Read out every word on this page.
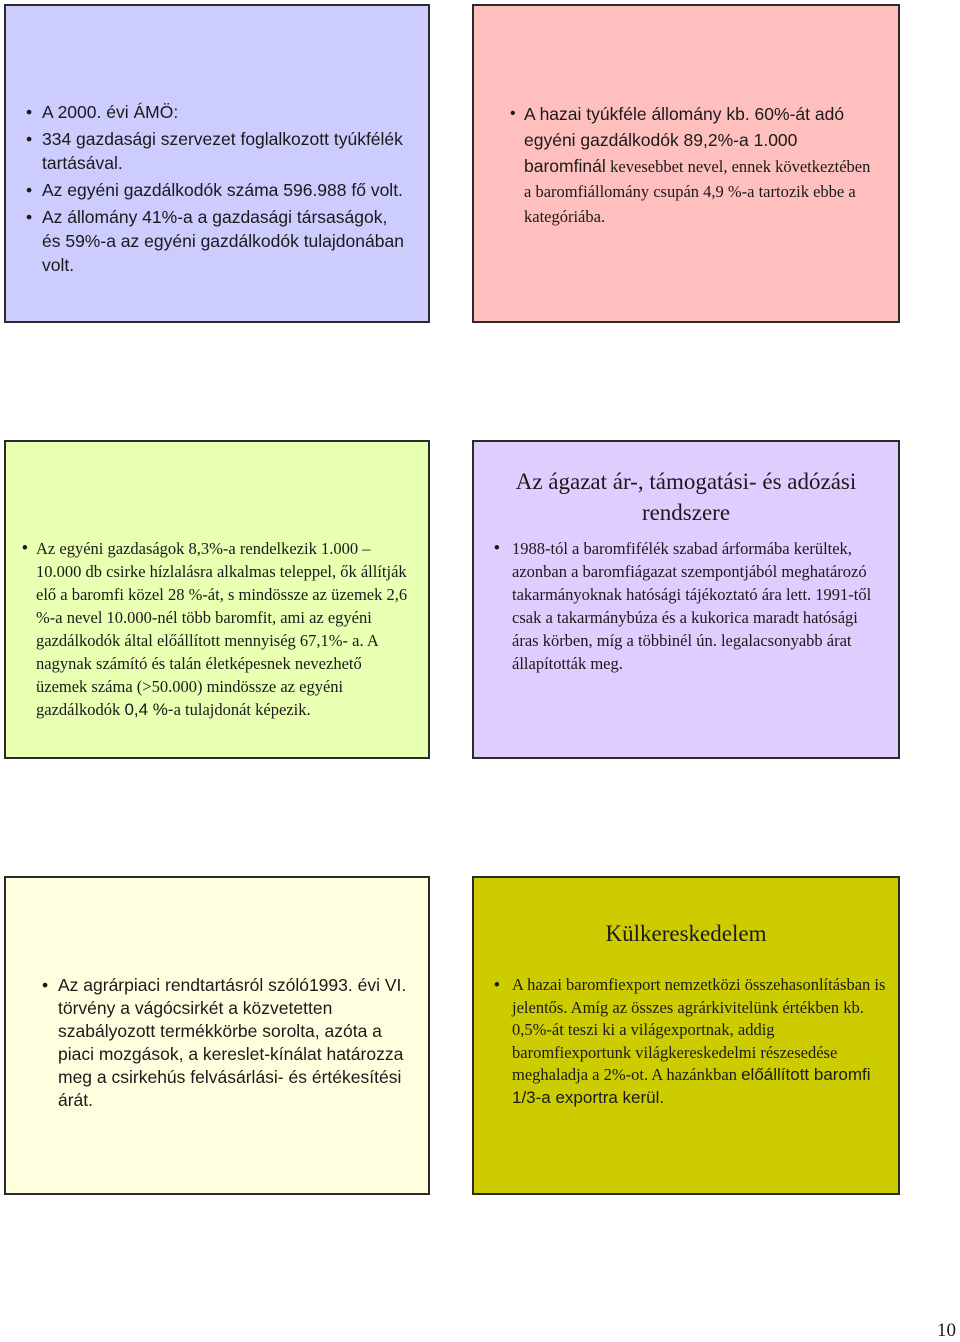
• A 2000. évi ÁMÖ:
• 334 gazdasági szervezet foglalkozott tyúkfélék tartásával.
• Az egyéni gazdálkodók száma 596.988 fő volt.
• Az állomány 41%-a a gazdasági társaságok, és 59%-a az egyéni gazdálkodók tulajdonában volt.
• A hazai tyúkféle állomány kb. 60%-át adó egyéni gazdálkodók 89,2%-a 1.000 baromfinál kevesebbet nevel, ennek következtében a baromfiállomány csupán 4,9 %-a tartozik ebbe a kategóriába.
• Az egyéni gazdaságok 8,3%-a rendelkezik 1.000 – 10.000 db csirke hízlalásra alkalmas teleppel, ők állítják elő a baromfi közel 28 %-át, s mindössze az üzemek 2,6 %-a nevel 10.000-nél több baromfit, ami az egyéni gazdálkodók által előállított mennyiség 67,1%- a. A nagynak számító és talán életképesnek nevezhető üzemek száma (>50.000) mindössze az egyéni gazdálkodók 0,4 %-a tulajdonát képezik.
Az ágazat ár-, támogatási- és adózási rendszere
• 1988-tól a baromfifélék szabad árformába kerültek, azonban a baromfiágazat szempontjából meghatározó takarmányoknak hatósági tájékoztató ára lett. 1991-től csak a takarmánybúza és a kukorica maradt hatósági áras körben, míg a többinél ún. legalacsonyabb árat állapították meg.
• Az agrárpiaci rendtartásról szóló1993. évi VI. törvény a vágócsirkét a közvetetten szabályozott termékkörbe sorolta, azóta a piaci mozgások, a kereslet-kínálat határozza meg a csirkehús felvásárlási- és értékesítési árát.
Külkereskedelem
• A hazai baromfiexport nemzetközi összehasonlításban is jelentős. Amíg az összes agrárkivitelünk értékben kb. 0,5%-át teszi ki a világexportnak, addig baromfiexportunk világkereskedelmi részesedése meghaladja a 2%-ot. A hazánkban előállított baromfi 1/3-a exportra kerül.
10
